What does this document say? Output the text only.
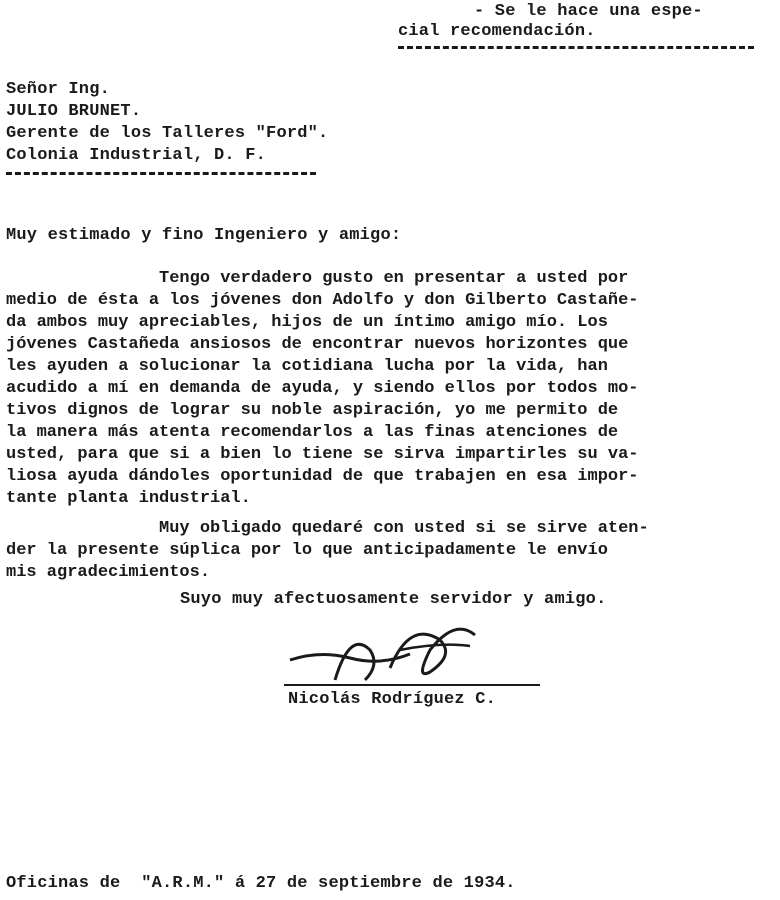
- Se le hace una espe-
cial recomendación.
Señor Ing.
JULIO BRUNET.
Gerente de los Talleres "Ford".
Colonia Industrial, D. F.
Muy estimado y fino Ingeniero y amigo:
Tengo verdadero gusto en presentar a usted por
medio de ésta a los jóvenes don Adolfo y don Gilberto Castañe-
da ambos muy apreciables, hijos de un íntimo amigo mío. Los
jóvenes Castañeda ansiosos de encontrar nuevos horizontes que
les ayuden a solucionar la cotidiana lucha por la vida, han
acudido a mí en demanda de ayuda, y siendo ellos por todos mo-
tivos dignos de lograr su noble aspiración, yo me permito de
la manera más atenta recomendarlos a las finas atenciones de
usted, para que si a bien lo tiene se sirva impartirles su va-
liosa ayuda dándoles oportunidad de que trabajen en esa impor-
tante planta industrial.
Muy obligado quedaré con usted si se sirve aten-
der la presente súplica por lo que anticipadamente le envío
mis agradecimientos.
Suyo muy afectuosamente servidor y amigo.
Nicolás Rodríguez C.
Oficinas de  "A.R.M." á 27 de septiembre de 1934.
